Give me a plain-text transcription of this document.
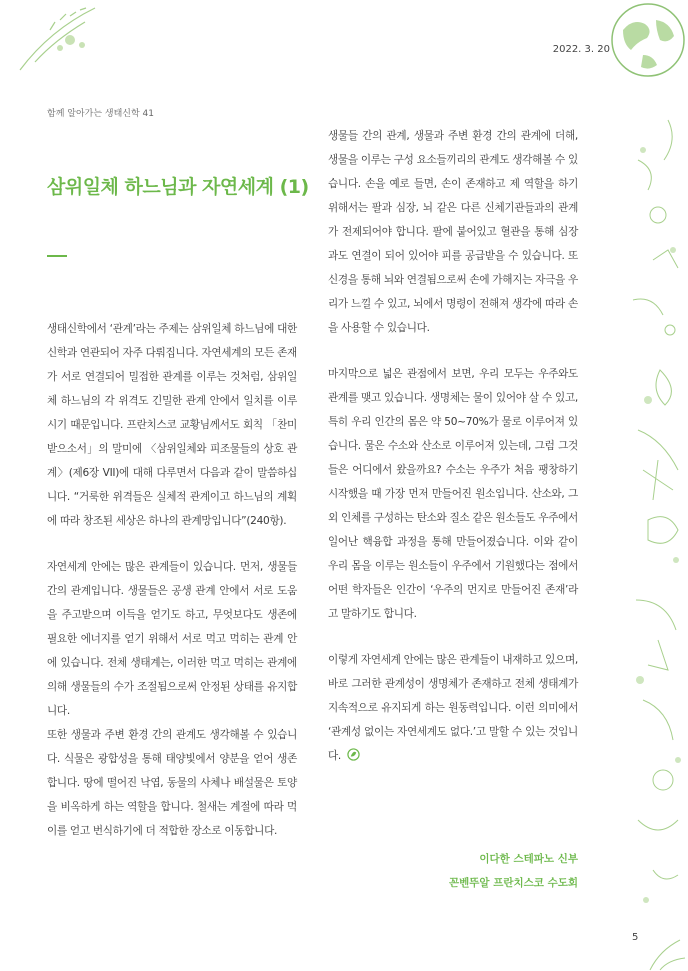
2022. 3. 20
함께 알아가는 생태신학 41
삼위일체 하느님과 자연세계 (1)

생태신학에서 ‘관계’라는 주제는 삼위일체 하느님에 대한 신학과 연관되어 자주 다뤄집니다. 자연세계의 모든 존재가 서로 연결되어 밀접한 관계를 이루는 것처럼, 삼위일체 하느님의 각 위격도 긴밀한 관계 안에서 일치를 이루시기 때문입니다. 프란치스코 교황님께서도 회칙 「찬미받으소서」의 말미에 〈삼위일체와 피조물들의 상호 관계〉(제6장 VII)에 대해 다루면서 다음과 같이 말씀하십니다. “거룩한 위격들은 실체적 관계이고 하느님의 계획에 따라 창조된 세상은 하나의 관계망입니다”(240항).

자연세계 안에는 많은 관계들이 있습니다. 먼저, 생물들 간의 관계입니다. 생물들은 공생 관계 안에서 서로 도움을 주고받으며 이득을 얻기도 하고, 무엇보다도 생존에 필요한 에너지를 얻기 위해서 서로 먹고 먹히는 관계 안에 있습니다. 전체 생태계는, 이러한 먹고 먹히는 관계에 의해 생물들의 수가 조절됨으로써 안정된 상태를 유지합니다.

또한 생물과 주변 환경 간의 관계도 생각해볼 수 있습니다. 식물은 광합성을 통해 태양빛에서 양분을 얻어 생존합니다. 땅에 떨어진 낙엽, 동물의 사체나 배설물은 토양을 비옥하게 하는 역할을 합니다. 철새는 계절에 따라 먹이를 얻고 번식하기에 더 적합한 장소로 이동합니다.

생물들 간의 관계, 생물과 주변 환경 간의 관계에 더해, 생물을 이루는 구성 요소들끼리의 관계도 생각해볼 수 있습니다. 손을 예로 들면, 손이 존재하고 제 역할을 하기 위해서는 팔과 심장, 뇌 같은 다른 신체기관들과의 관계가 전제되어야 합니다. 팔에 붙어있고 혈관을 통해 심장과도 연결이 되어 있어야 피를 공급받을 수 있습니다. 또 신경을 통해 뇌와 연결됨으로써 손에 가해지는 자극을 우리가 느낄 수 있고, 뇌에서 명령이 전해져 생각에 따라 손을 사용할 수 있습니다.

마지막으로 넓은 관점에서 보면, 우리 모두는 우주와도 관계를 맺고 있습니다. 생명체는 물이 있어야 살 수 있고, 특히 우리 인간의 몸은 약 50~70%가 물로 이루어져 있습니다. 물은 수소와 산소로 이루어져 있는데, 그럼 그것들은 어디에서 왔을까요? 수소는 우주가 처음 팽창하기 시작했을 때 가장 먼저 만들어진 원소입니다. 산소와, 그 외 인체를 구성하는 탄소와 질소 같은 원소들도 우주에서 일어난 핵융합 과정을 통해 만들어졌습니다. 이와 같이 우리 몸을 이루는 원소들이 우주에서 기원했다는 점에서 어떤 학자들은 인간이 ‘우주의 먼지로 만들어진 존재’라고 말하기도 합니다.

이렇게 자연세계 안에는 많은 관계들이 내재하고 있으며, 바로 그러한 관계성이 생명체가 존재하고 전체 생태계가 지속적으로 유지되게 하는 원동력입니다. 이런 의미에서 ‘관계성 없이는 자연세계도 없다.’고 말할 수 있는 것입니다.

이다한 스테파노 신부
꼰벤뚜알 프란치스코 수도회
5
